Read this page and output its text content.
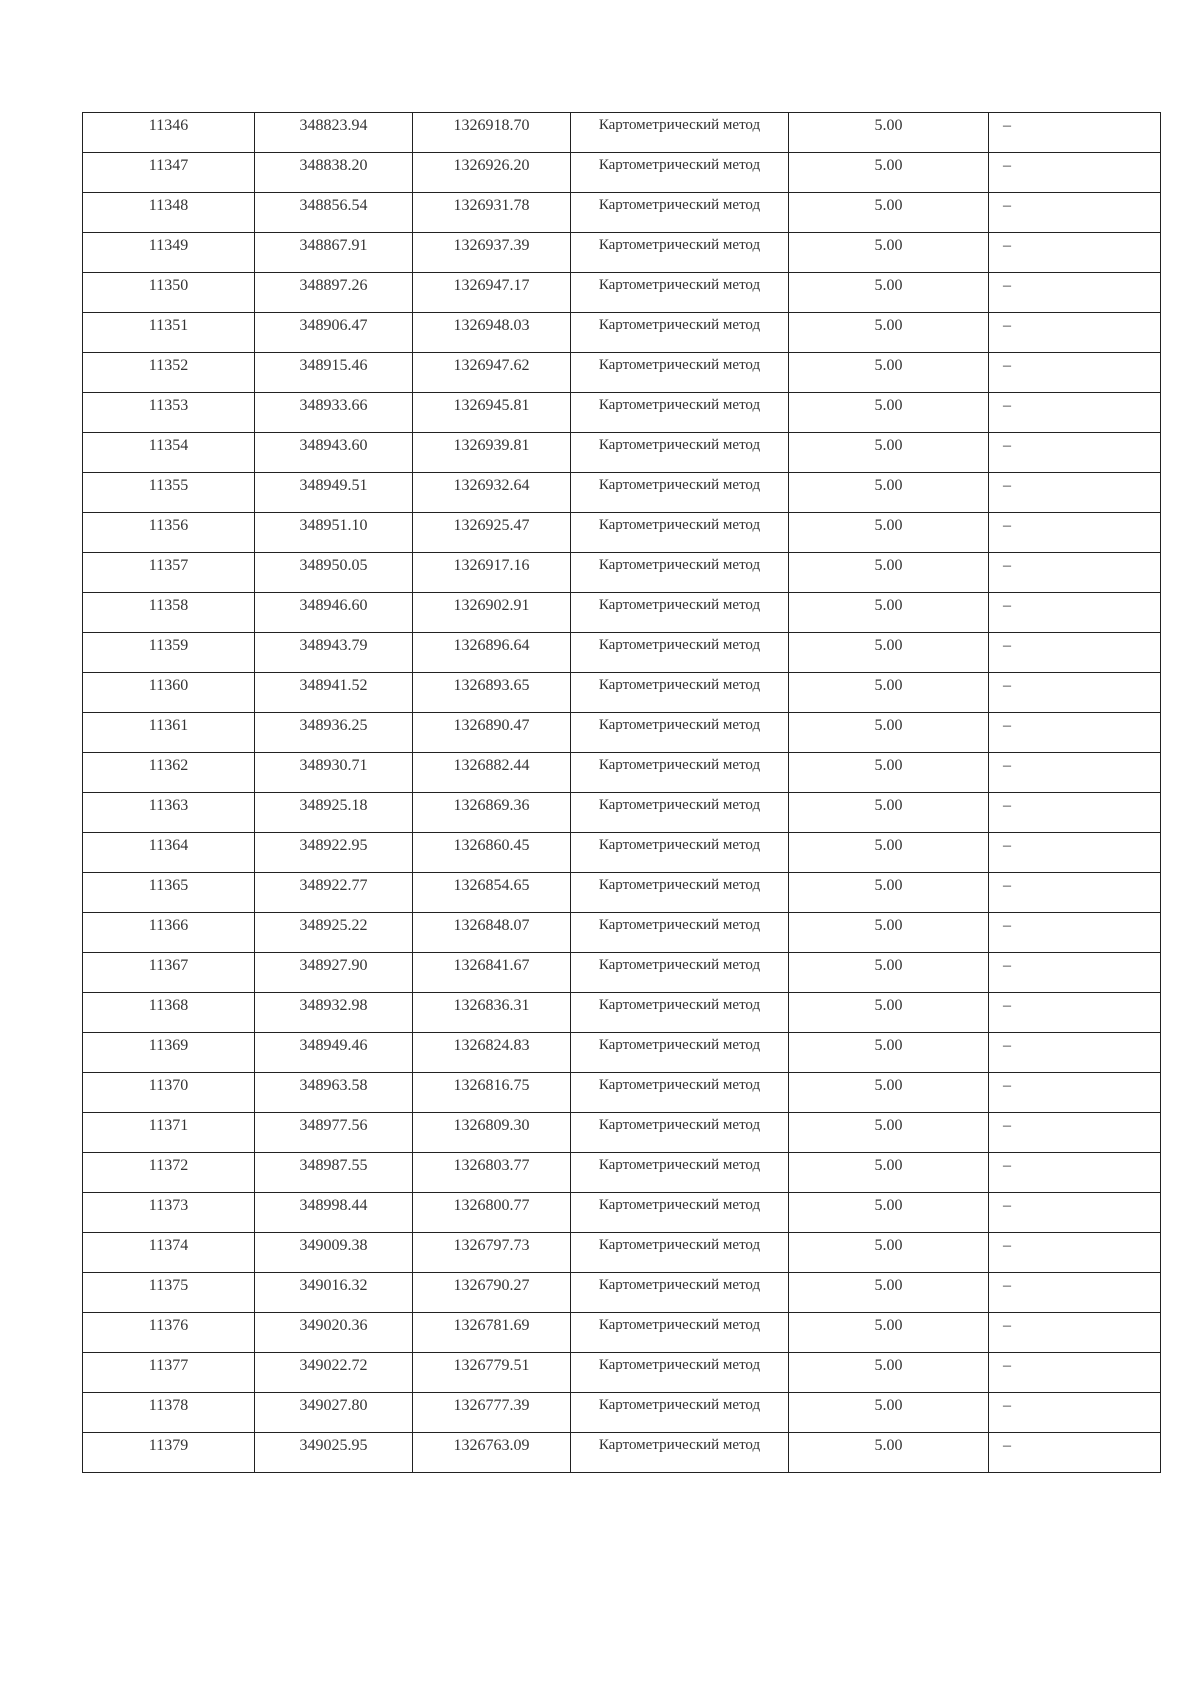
11346	348823.94	1326918.70	Картометрический метод	5.00	–
11347	348838.20	1326926.20	Картометрический метод	5.00	–
11348	348856.54	1326931.78	Картометрический метод	5.00	–
11349	348867.91	1326937.39	Картометрический метод	5.00	–
11350	348897.26	1326947.17	Картометрический метод	5.00	–
11351	348906.47	1326948.03	Картометрический метод	5.00	–
11352	348915.46	1326947.62	Картометрический метод	5.00	–
11353	348933.66	1326945.81	Картометрический метод	5.00	–
11354	348943.60	1326939.81	Картометрический метод	5.00	–
11355	348949.51	1326932.64	Картометрический метод	5.00	–
11356	348951.10	1326925.47	Картометрический метод	5.00	–
11357	348950.05	1326917.16	Картометрический метод	5.00	–
11358	348946.60	1326902.91	Картометрический метод	5.00	–
11359	348943.79	1326896.64	Картометрический метод	5.00	–
11360	348941.52	1326893.65	Картометрический метод	5.00	–
11361	348936.25	1326890.47	Картометрический метод	5.00	–
11362	348930.71	1326882.44	Картометрический метод	5.00	–
11363	348925.18	1326869.36	Картометрический метод	5.00	–
11364	348922.95	1326860.45	Картометрический метод	5.00	–
11365	348922.77	1326854.65	Картометрический метод	5.00	–
11366	348925.22	1326848.07	Картометрический метод	5.00	–
11367	348927.90	1326841.67	Картометрический метод	5.00	–
11368	348932.98	1326836.31	Картометрический метод	5.00	–
11369	348949.46	1326824.83	Картометрический метод	5.00	–
11370	348963.58	1326816.75	Картометрический метод	5.00	–
11371	348977.56	1326809.30	Картометрический метод	5.00	–
11372	348987.55	1326803.77	Картометрический метод	5.00	–
11373	348998.44	1326800.77	Картометрический метод	5.00	–
11374	349009.38	1326797.73	Картометрический метод	5.00	–
11375	349016.32	1326790.27	Картометрический метод	5.00	–
11376	349020.36	1326781.69	Картометрический метод	5.00	–
11377	349022.72	1326779.51	Картометрический метод	5.00	–
11378	349027.80	1326777.39	Картометрический метод	5.00	–
11379	349025.95	1326763.09	Картометрический метод	5.00	–
